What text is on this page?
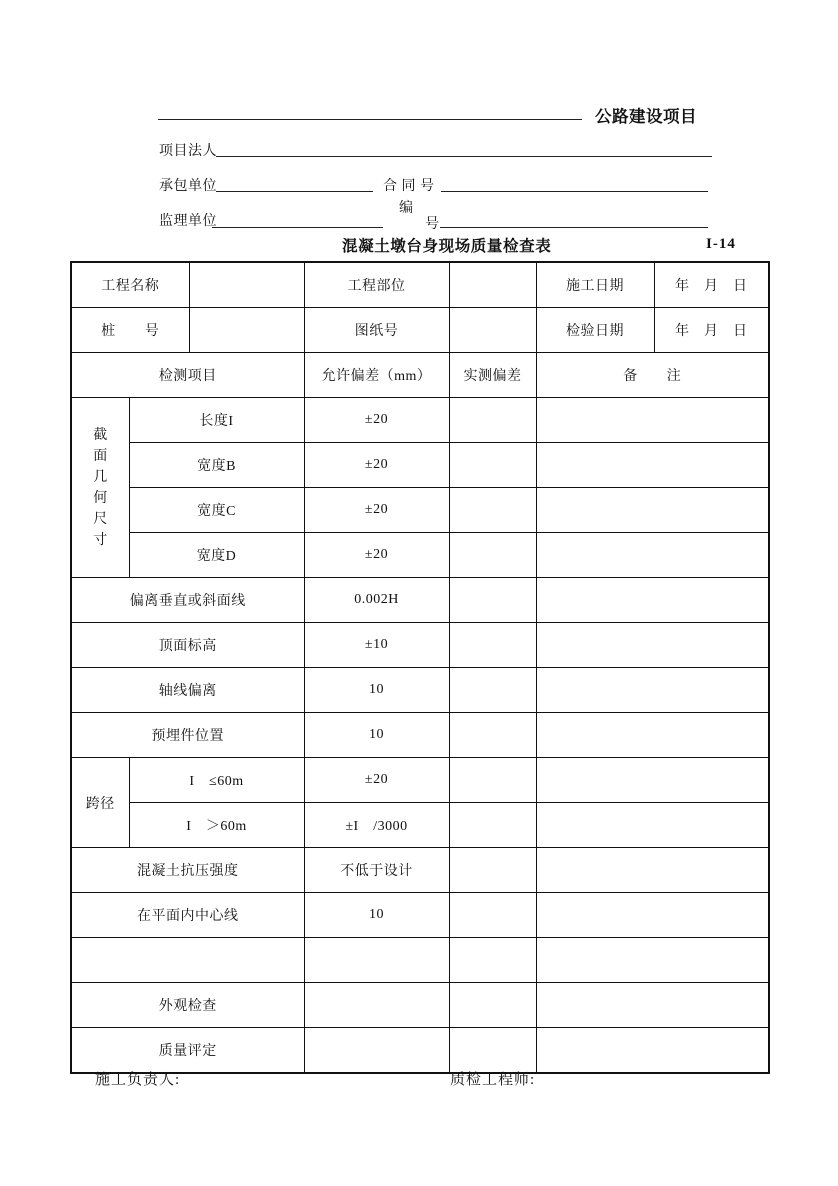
公路建设项目
项目法人
承包单位	合 同 号
监理单位
编
号
混凝土墩台身现场质量检查表	I-14
工程名称			工程部位		施工日期	年　月　日
桩　　号			图纸号		检验日期	年　月　日
检测项目			允许偏差（mm）	实测偏差	备　　注	
截面几何尺寸	长度I		±20			
	宽度B		±20			
	宽度C		±20			
	宽度D		±20			
偏离垂直或斜面线			0.002H			
顶面标高			±10			
轴线偏离			10			
预埋件位置			10			
跨径	I　≤60m		±20			
	I　＞60m		±I　/3000			
混凝土抗压强度			不低于设计			
在平面内中心线			10			

外观检查						
质量评定						
施工负责人:	质检工程师:
